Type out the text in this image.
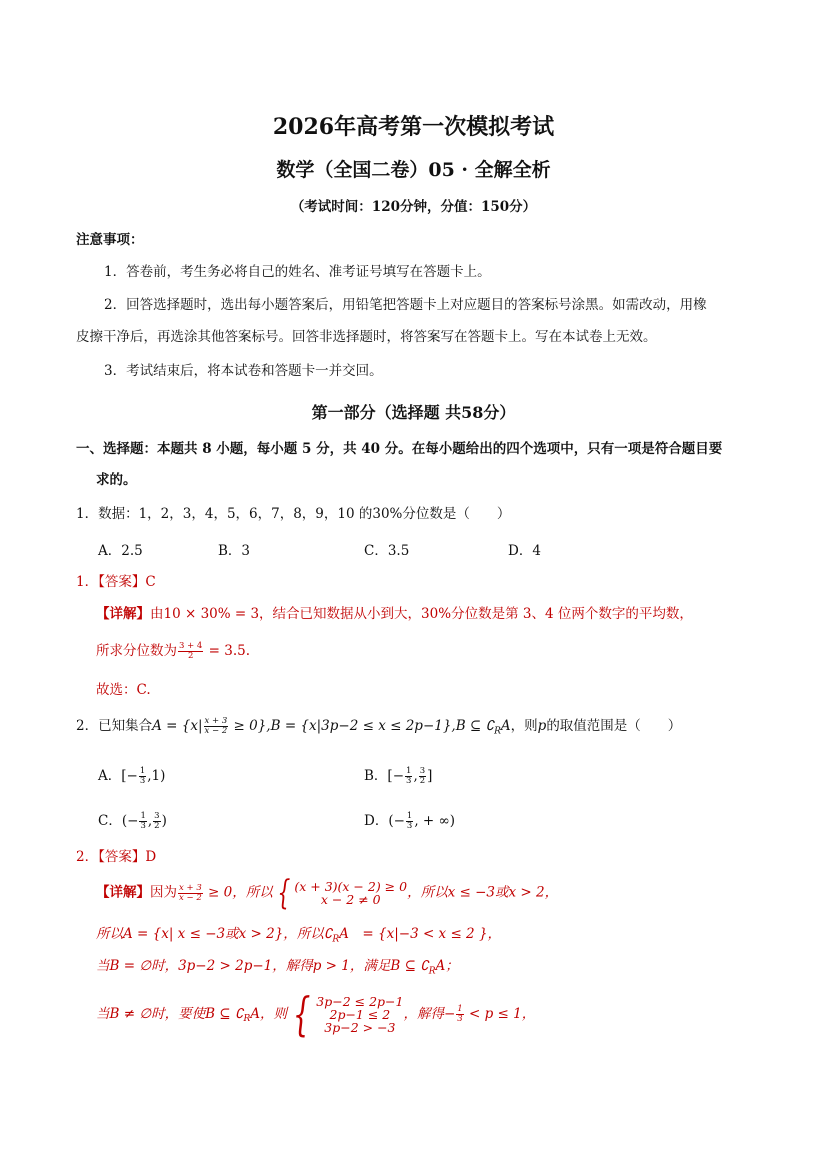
2026年高考第一次模拟考试
数学（全国二卷）05 · 全解全析
（考试时间：120分钟，分值：150分）
注意事项：
1．答卷前，考生务必将自己的姓名、准考证号填写在答题卡上。
2．回答选择题时，选出每小题答案后，用铅笔把答题卡上对应题目的答案标号涂黑。如需改动，用橡
皮擦干净后，再选涂其他答案标号。回答非选择题时，将答案写在答题卡上。写在本试卷上无效。
3．考试结束后，将本试卷和答题卡一并交回。
第一部分（选择题 共58分）
一、选择题：本题共 8 小题，每小题 5 分，共 40 分。在每小题给出的四个选项中，只有一项是符合题目要
求的。
1．数据：1，2，3，4，5，6，7，8，9，10 的30%分位数是（　　）
A．2.5	B．3	C．3.5	D．4
1．【答案】C
【详解】由10 × 30% = 3，结合已知数据从小到大，30%分位数是第 3、4 位两个数字的平均数，
所求分位数为 $\frac{3 + 4}{2} = 3.5$.
故选：C.
2．已知集合$A = \{x| \frac{x + 3}{x - 2} \ge 0\},B = \{x|3p-2 \le x \le 2p-1\},B$ ⊆ $∁_RA$，则p的取值范围是（　　）
A．[− $\frac{1}{3} ,1$)	B．[− $\frac{1}{3}$ , $\frac{3}{2}$ ]
C．(− $\frac{1}{3}$ , $\frac{3}{2}$ )	D．(− $\frac{1}{3}$ , + ∞)
2．【答案】D
【详解】因为 $\frac{x + 3}{x - 2} \ge 0$，所以 { (x + 3)(x − 2) ≥ 0
x − 2 ≠ 0	，所以x ≤ −3或x > 2，
所以A = {x| x ≤ −3或x > 2}，所以$∁_RA$　= {x|−3 < x ≤ 2 }，
当B = ∅时，3p−2 > 2p−1，解得p > 1，满足B ⊆ $∁_RA$；
当B ≠ ∅时，要使B ⊆ $∁_RA$，则 { 3p−2 ≤ 2p−1
2p−1 ≤ 2
3p−2 > −3
，解得− $\frac{1}{3} < p \le 1$，
